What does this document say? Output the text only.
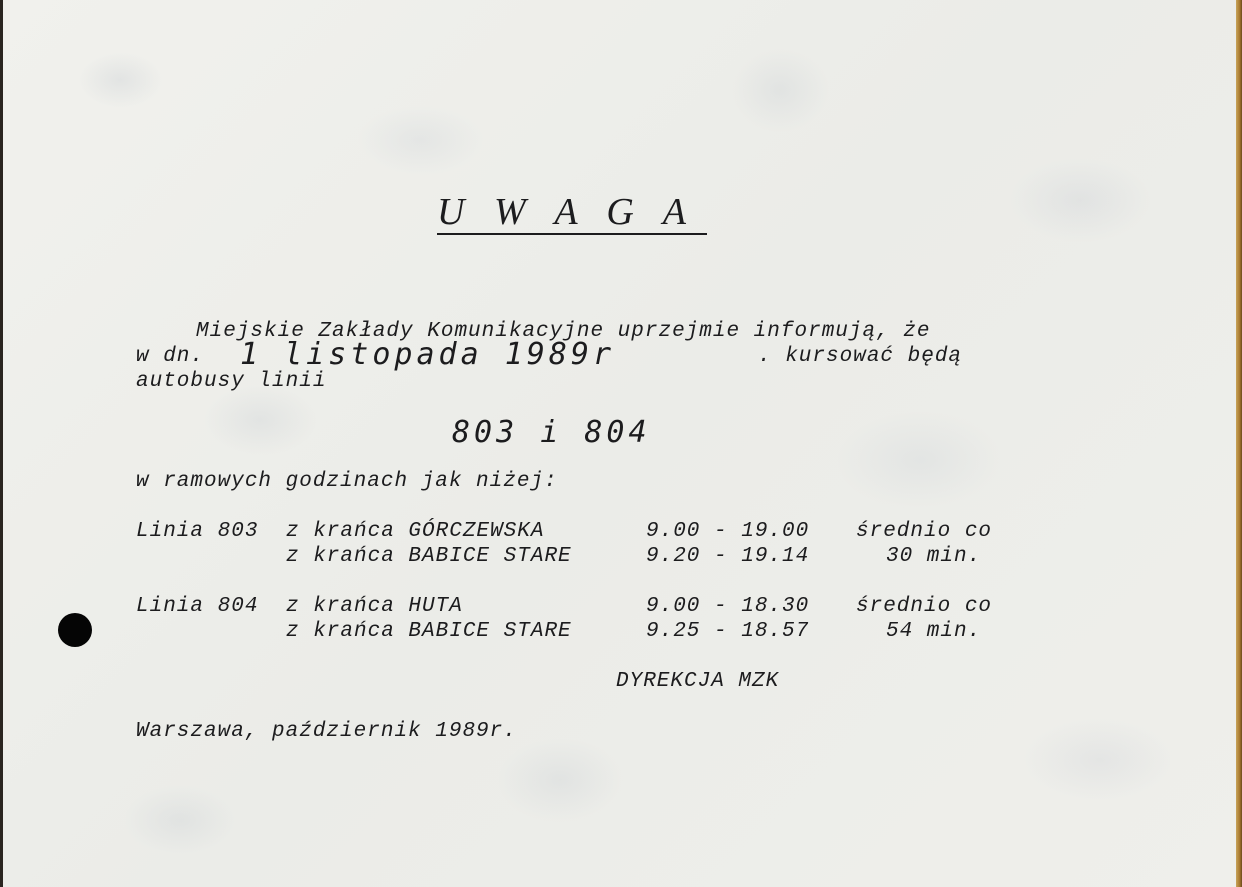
U W A G A
Miejskie Zakłady Komunikacyjne uprzejmie informują, że
w dn. 1 listopada 1989r	. kursować będą
autobusy linii
803 i 804
w ramowych godzinach jak niżej:
Linia 803 z krańca GÓRCZEWSKA	9.00 - 19.00 średnio co
z krańca BABICE STARE	9.20 - 19.14	30 min.
Linia 804 z krańca HUTA	9.00 - 18.30 średnio co
z krańca BABICE STARE	9.25 - 18.57	54 min.
DYREKCJA MZK
Warszawa, październik 1989r.
